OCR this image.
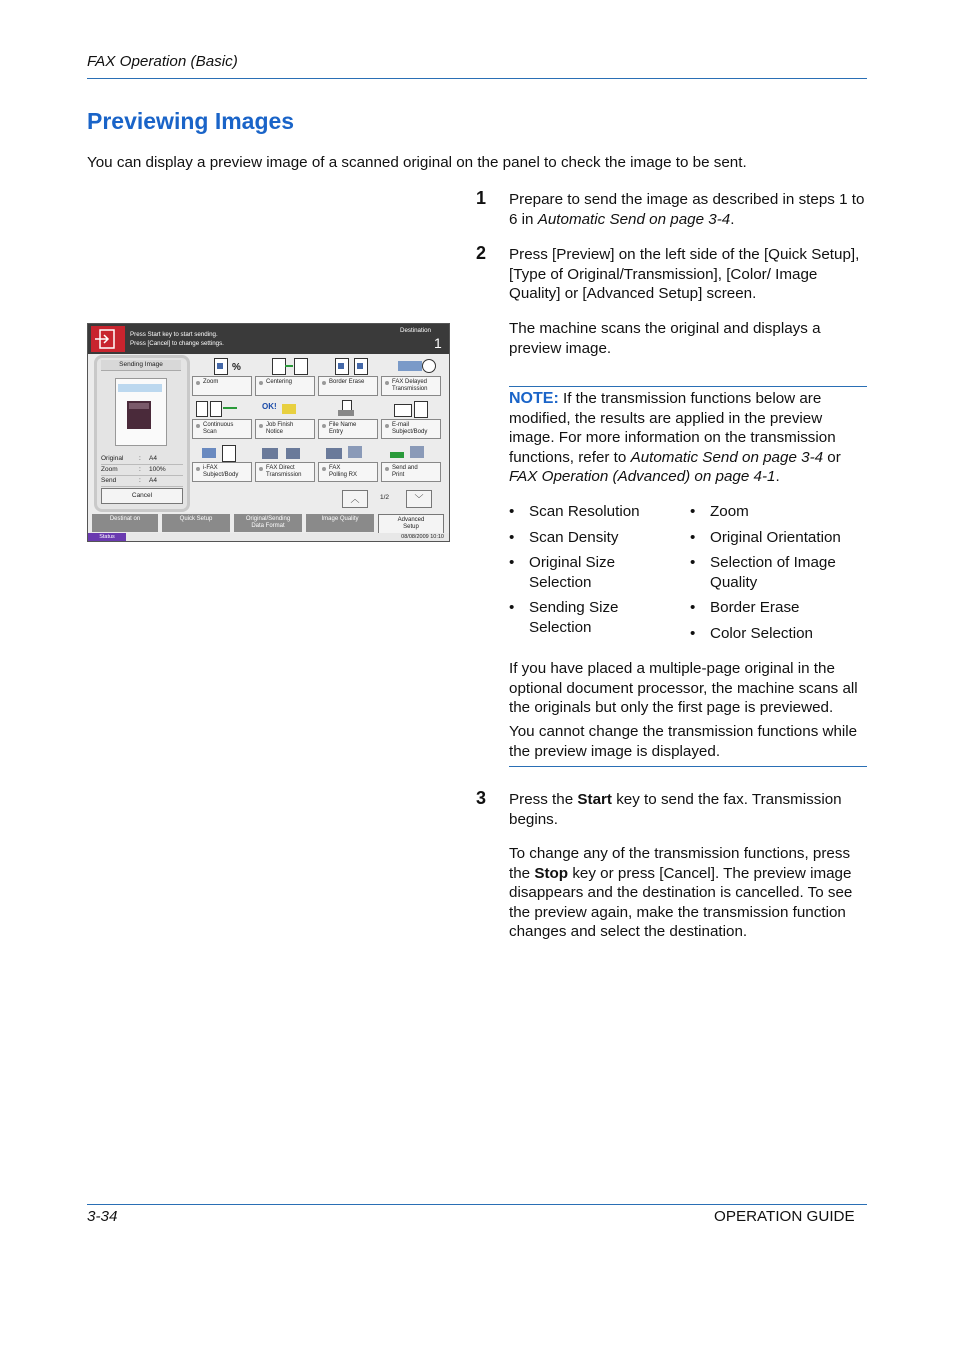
FAX Operation (Basic)
Previewing Images
You can display a preview image of a scanned original on the panel to check the image to be sent.
1 Prepare to send the image as described in steps 1 to 6 in Automatic Send on page 3-4.
2 Press [Preview] on the left side of the [Quick Setup], [Type of Original/Transmission], [Color/ Image Quality] or [Advanced Setup] screen.
The machine scans the original and displays a preview image.
NOTE: If the transmission functions below are modified, the results are applied in the preview image. For more information on the transmission functions, refer to Automatic Send on page 3-4 or FAX Operation (Advanced) on page 4-1.
• Scan Resolution
• Scan Density
• Original Size Selection
• Sending Size Selection
• Zoom
• Original Orientation
• Selection of Image Quality
• Border Erase
• Color Selection
If you have placed a multiple-page original in the optional document processor, the machine scans all the originals but only the first page is previewed.
You cannot change the transmission functions while the preview image is displayed.
3 Press the Start key to send the fax. Transmission begins.
To change any of the transmission functions, press the Stop key or press [Cancel]. The preview image disappears and the destination is cancelled. To see the preview again, make the transmission function changes and select the destination.
Press Start key to start sending.
Press [Cancel] to change settings.
Destination
1
Sending Image
Original	:	A4
Zoom	:	100%
Send	:	A4
Cancel
%
Zoom	Centering	Border Erase	FAX Delayed
Transmission
OK!
Continuous
Scan
Job Finish
Notice
File Name
Entry
E-mail
Subject/Body
i-FAX
Subject/Body
FAX Direct
Transmission
FAX
Polling RX
Send and
Print
︿	1/2	﹀
Destinat on	Quick Setup	Original/Sending
Data Format
Image Quality	Advanced
Setup
Status	08/08/2009 10:10
3-34	OPERATION GUIDE
